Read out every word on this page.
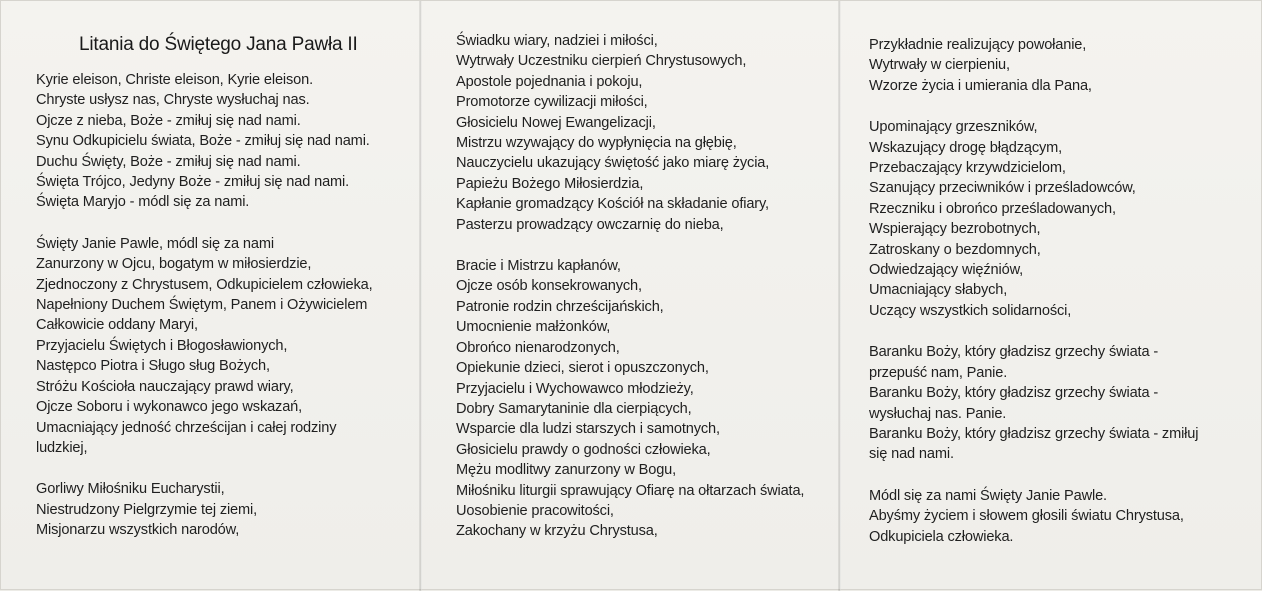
Litania do Świętego Jana Pawła II
Kyrie eleison, Christe eleison, Kyrie eleison.
Chryste usłysz nas, Chryste wysłuchaj nas.
Ojcze z nieba, Boże - zmiłuj się nad nami.
Synu Odkupicielu świata, Boże - zmiłuj się nad nami.
Duchu Święty, Boże - zmiłuj się nad nami.
Święta Trójco, Jedyny Boże - zmiłuj się nad nami.
Święta Maryjo - módl się za nami.
Święty Janie Pawle, módl się za nami
Zanurzony w Ojcu, bogatym w miłosierdzie,
Zjednoczony z Chrystusem, Odkupicielem człowieka,
Napełniony Duchem Świętym, Panem i Ożywicielem
Całkowicie oddany Maryi,
Przyjacielu Świętych i Błogosławionych,
Następco Piotra i Sługo sług Bożych,
Stróżu Kościoła nauczający prawd wiary,
Ojcze Soboru i wykonawco jego wskazań,
Umacniający jedność chrześcijan i całej rodziny
ludzkiej,
Gorliwy Miłośniku Eucharystii,
Niestrudzony Pielgrzymie tej ziemi,
Misjonarzu wszystkich narodów,
Świadku wiary, nadziei i miłości,
Wytrwały Uczestniku cierpień Chrystusowych,
Apostole pojednania i pokoju,
Promotorze cywilizacji miłości,
Głosicielu Nowej Ewangelizacji,
Mistrzu wzywający do wypłynięcia na głębię,
Nauczycielu ukazujący świętość jako miarę życia,
Papieżu Bożego Miłosierdzia,
Kapłanie gromadzący Kościół na składanie ofiary,
Pasterzu prowadzący owczarnię do nieba,
Bracie i Mistrzu kapłanów,
Ojcze osób konsekrowanych,
Patronie rodzin chrześcijańskich,
Umocnienie małżonków,
Obrońco nienarodzonych,
Opiekunie dzieci, sierot i opuszczonych,
Przyjacielu i Wychowawco młodzieży,
Dobry Samarytaninie dla cierpiących,
Wsparcie dla ludzi starszych i samotnych,
Głosicielu prawdy o godności człowieka,
Mężu modlitwy zanurzony w Bogu,
Miłośniku liturgii sprawujący Ofiarę na ołtarzach świata,
Uosobienie pracowitości,
Zakochany w krzyżu Chrystusa,
Przykładnie realizujący powołanie,
Wytrwały w cierpieniu,
Wzorze życia i umierania dla Pana,
Upominający grzeszników,
Wskazujący drogę błądzącym,
Przebaczający krzywdzicielom,
Szanujący przeciwników i prześladowców,
Rzeczniku i obrońco prześladowanych,
Wspierający bezrobotnych,
Zatroskany o bezdomnych,
Odwiedzający więźniów,
Umacniający słabych,
Uczący wszystkich solidarności,
Baranku Boży, który gładzisz grzechy świata -
przepuść nam, Panie.
Baranku Boży, który gładzisz grzechy świata -
wysłuchaj nas. Panie.
Baranku Boży, który gładzisz grzechy świata - zmiłuj
się nad nami.
Módl się za nami Święty Janie Pawle.
Abyśmy życiem i słowem głosili światu Chrystusa,
Odkupiciela człowieka.
